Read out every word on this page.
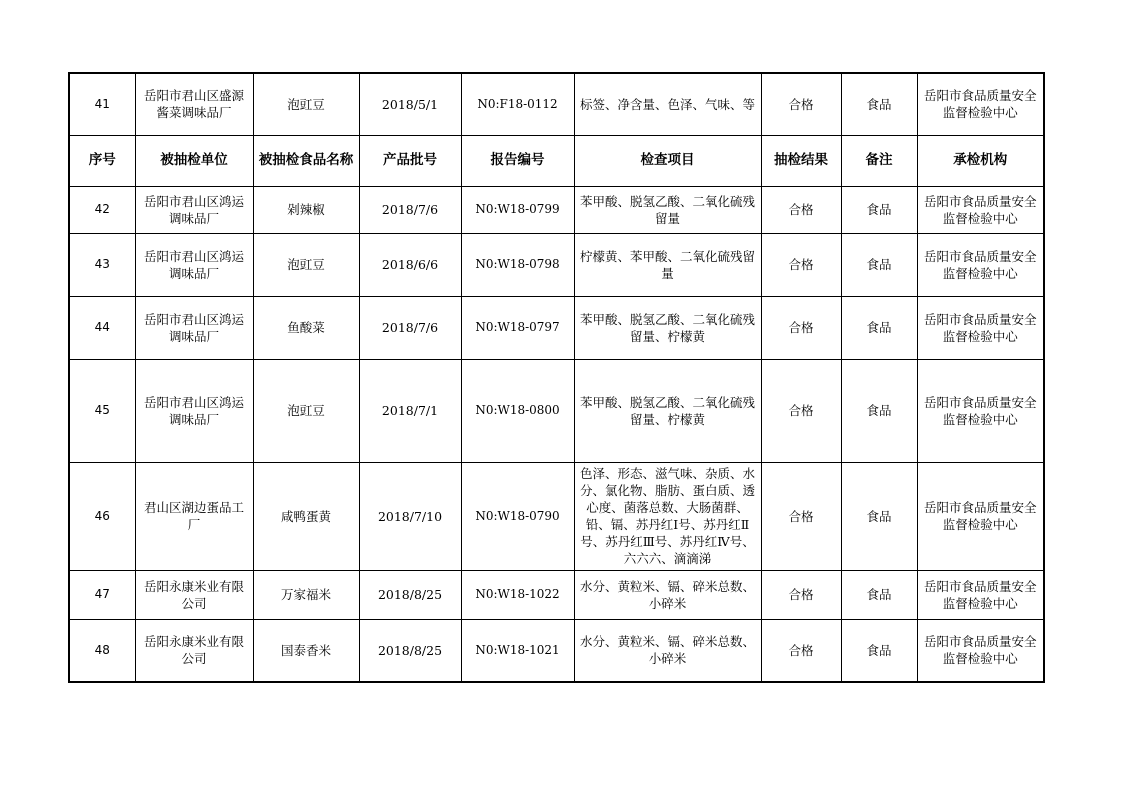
41	岳阳市君山区盛源酱菜调味品厂	泡豇豆	2018/5/1	N0:F18-0112	标签、净含量、色泽、气味、等	合格	食品	岳阳市食品质量安全监督检验中心
序号	被抽检单位	被抽检食品名称	产品批号	报告编号	检查项目	抽检结果	备注	承检机构
42	岳阳市君山区鸿运调味品厂	剁辣椒	2018/7/6	N0:W18-0799	苯甲酸、脱氢乙酸、二氧化硫残留量	合格	食品	岳阳市食品质量安全监督检验中心
43	岳阳市君山区鸿运调味品厂	泡豇豆	2018/6/6	N0:W18-0798	柠檬黄、苯甲酸、二氧化硫残留量	合格	食品	岳阳市食品质量安全监督检验中心
44	岳阳市君山区鸿运调味品厂	鱼酸菜	2018/7/6	N0:W18-0797	苯甲酸、脱氢乙酸、二氧化硫残留量、柠檬黄	合格	食品	岳阳市食品质量安全监督检验中心
45	岳阳市君山区鸿运调味品厂	泡豇豆	2018/7/1	N0:W18-0800	苯甲酸、脱氢乙酸、二氧化硫残留量、柠檬黄	合格	食品	岳阳市食品质量安全监督检验中心
46	君山区湖边蛋品工厂	咸鸭蛋黄	2018/7/10	N0:W18-0790	色泽、形态、滋气味、杂质、水分、氯化物、脂肪、蛋白质、透心度、菌落总数、大肠菌群、铅、镉、苏丹红Ⅰ号、苏丹红Ⅱ号、苏丹红Ⅲ号、苏丹红Ⅳ号、六六六、滴滴涕	合格	食品	岳阳市食品质量安全监督检验中心
47	岳阳永康米业有限公司	万家福米	2018/8/25	N0:W18-1022	水分、黄粒米、镉、碎米总数、小碎米	合格	食品	岳阳市食品质量安全监督检验中心
48	岳阳永康米业有限公司	国泰香米	2018/8/25	N0:W18-1021	水分、黄粒米、镉、碎米总数、小碎米	合格	食品	岳阳市食品质量安全监督检验中心
